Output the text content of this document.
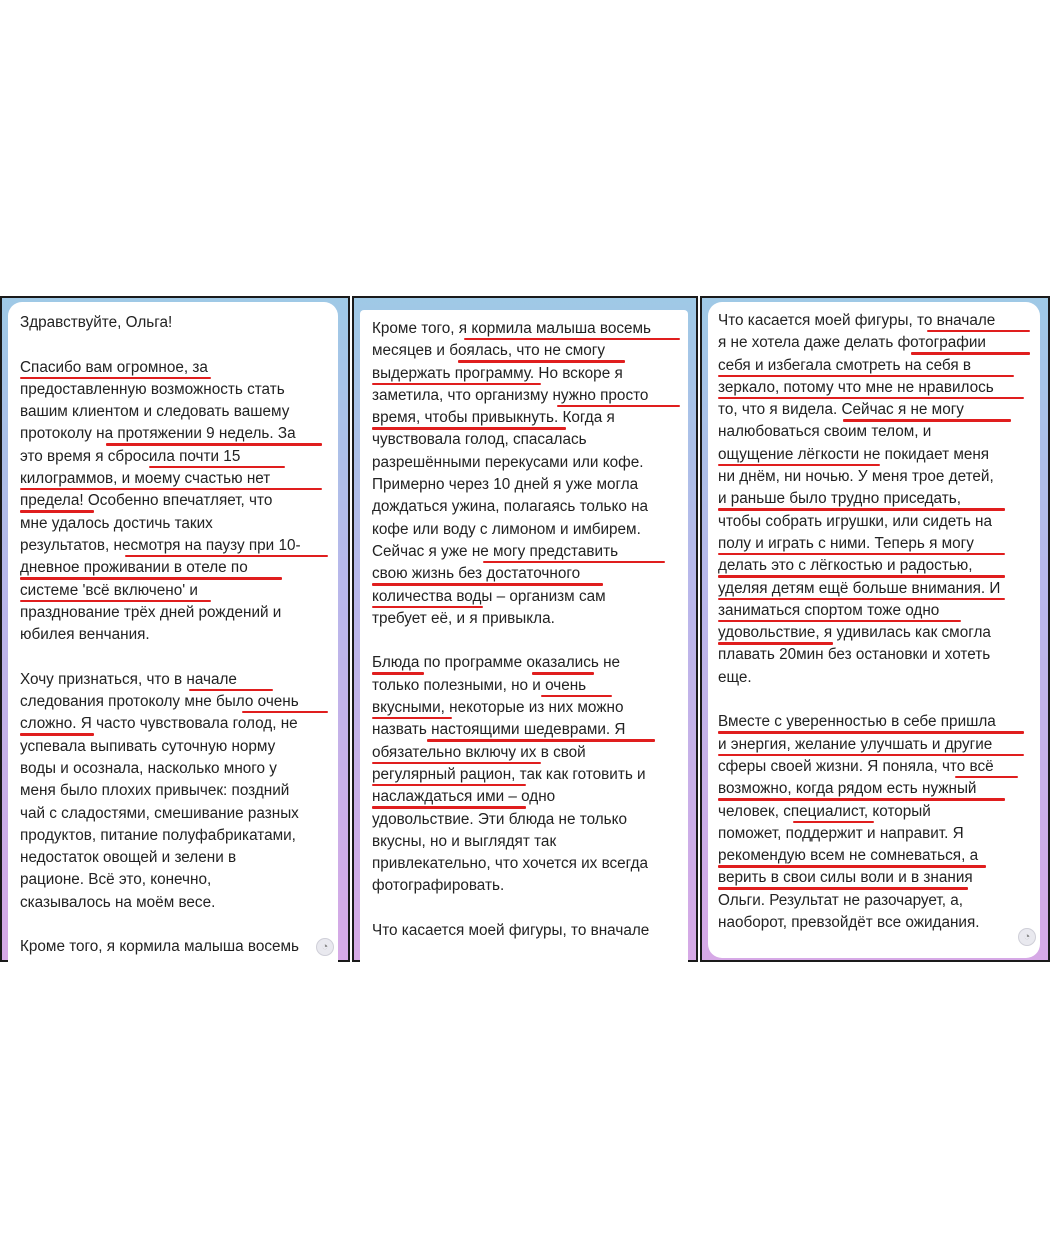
Здравствуйте, Ольга!
Спасибо вам огромное, за
предоставленную возможность стать
вашим клиентом и следовать вашему
протоколу на протяжении 9 недель. За
это время я сбросила почти 15
килограммов, и моему счастью нет
предела! Особенно впечатляет, что
мне удалось достичь таких
результатов, несмотря на паузу при 10-
дневное проживании в отеле по
системе 'всё включено' и
празднование трёх дней рождений и
юбилея венчания.
Хочу признаться, что в начале
следования протоколу мне было очень
сложно. Я часто чувствовала голод, не
успевала выпивать суточную норму
воды и осознала, насколько много у
меня было плохих привычек: поздний
чай с сладостями, смешивание разных
продуктов, питание полуфабрикатами,
недостаток овощей и зелени в
рационе. Всё это, конечно,
сказывалось на моём весе.
Кроме того, я кормила малыша восемь	◔
Кроме того, я кормила малыша восемь
месяцев и боялась, что не смогу
выдержать программу. Но вскоре я
заметила, что организму нужно просто
время, чтобы привыкнуть. Когда я
чувствовала голод, спасалась
разрешёнными перекусами или кофе.
Примерно через 10 дней я уже могла
дождаться ужина, полагаясь только на
кофе или воду с лимоном и имбирем.
Сейчас я уже не могу представить
свою жизнь без достаточного
количества воды – организм сам
требует её, и я привыкла.
Блюда по программе оказались не
только полезными, но и очень
вкусными, некоторые из них можно
назвать настоящими шедеврами. Я
обязательно включу их в свой
регулярный рацион, так как готовить и
наслаждаться ими – одно
удовольствие. Эти блюда не только
вкусны, но и выглядят так
привлекательно, что хочется их всегда
фотографировать.
Что касается моей фигуры, то вначале
Что касается моей фигуры, то вначале
я не хотела даже делать фотографии
себя и избегала смотреть на себя в
зеркало, потому что мне не нравилось
то, что я видела. Сейчас я не могу
налюбоваться своим телом, и
ощущение лёгкости не покидает меня
ни днём, ни ночью. У меня трое детей,
и раньше было трудно приседать,
чтобы собрать игрушки, или сидеть на
полу и играть с ними. Теперь я могу
делать это с лёгкостью и радостью,
уделяя детям ещё больше внимания. И
заниматься спортом тоже одно
удовольствие, я удивилась как смогла
плавать 20мин без остановки и хотеть
еще.
Вместе с уверенностью в себе пришла
и энергия, желание улучшать и другие
сферы своей жизни. Я поняла, что всё
возможно, когда рядом есть нужный
человек, специалист, который
поможет, поддержит и направит. Я
рекомендую всем не сомневаться, а
верить в свои силы воли и в знания
Ольги. Результат не разочарует, а,
наоборот, превзойдёт все ожидания.
◔
